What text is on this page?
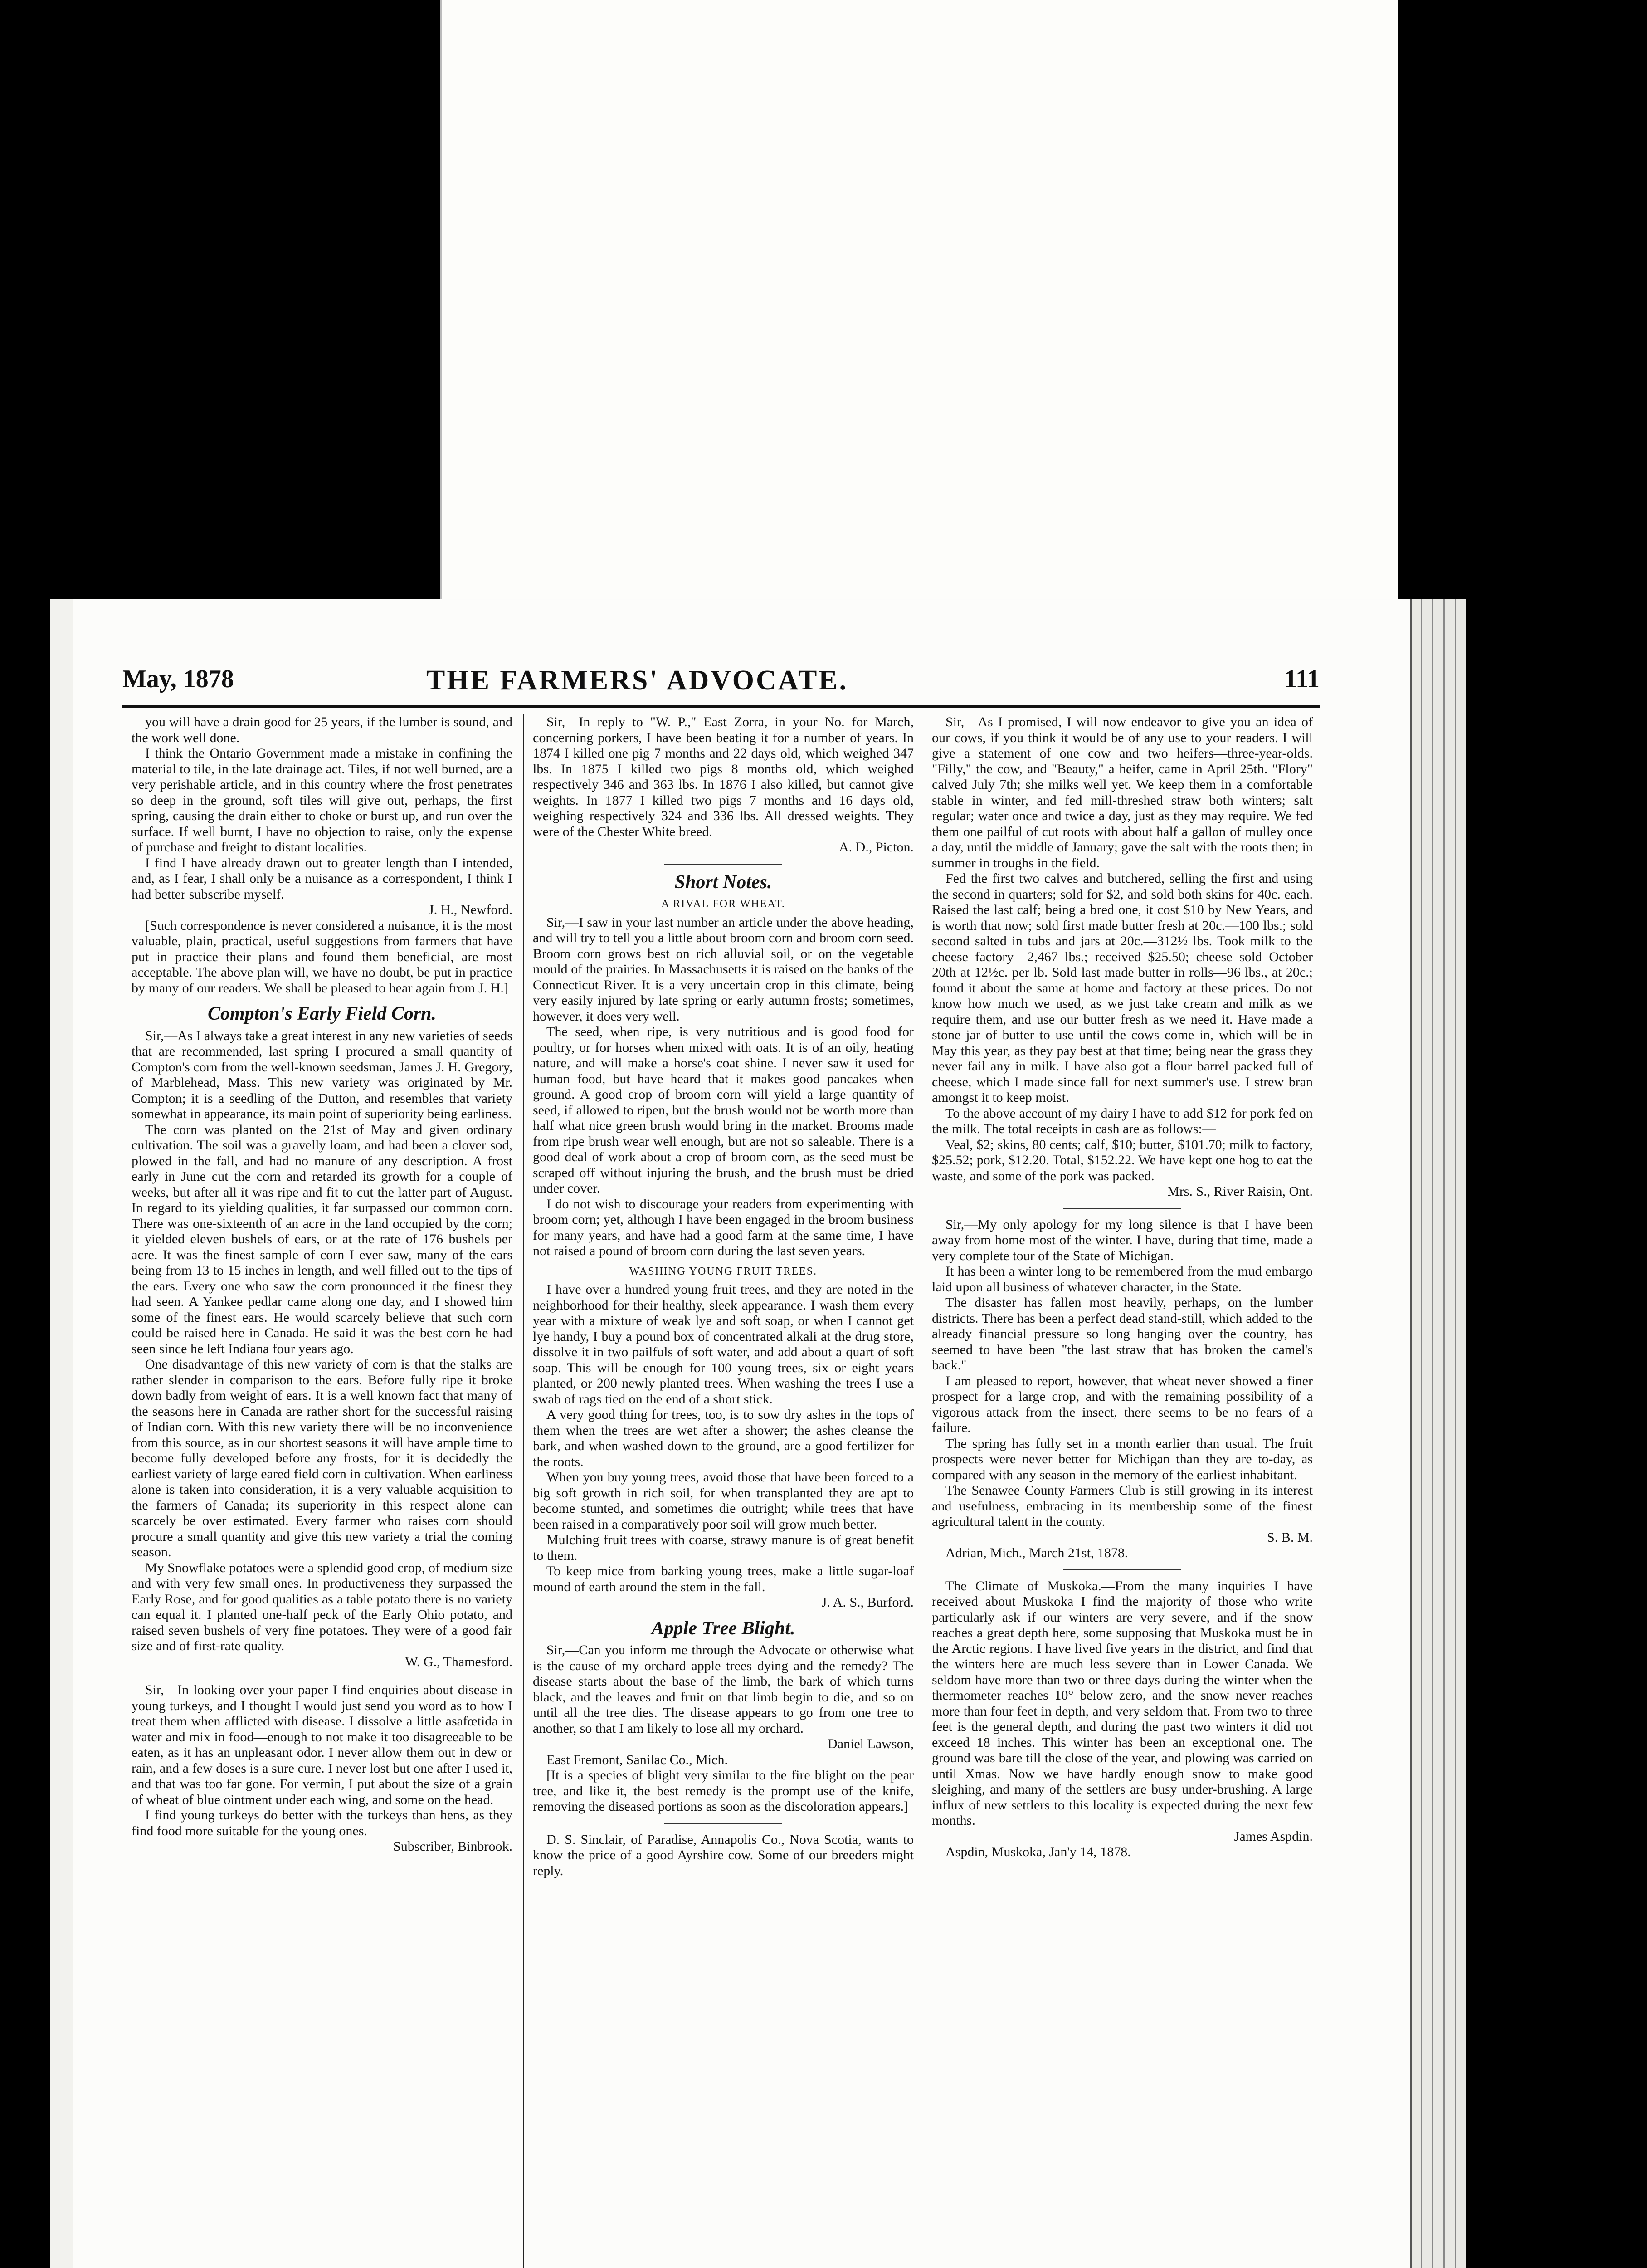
May, 1878	THE FARMERS' ADVOCATE.	111

you will have a drain good for 25 years, if the lumber is sound, and the work well done.

I think the Ontario Government made a mistake in confining the material to tile, in the late drainage act. Tiles, if not well burned, are a very perishable article, and in this country where the frost penetrates so deep in the ground, soft tiles will give out, perhaps, the first spring, causing the drain either to choke or burst up, and run over the surface. If well burnt, I have no objection to raise, only the expense of purchase and freight to distant localities.

I find I have already drawn out to greater length than I intended, and, as I fear, I shall only be a nuisance as a correspondent, I think I had better subscribe myself.

J. H., Newford.

[Such correspondence is never considered a nuisance, it is the most valuable, plain, practical, useful suggestions from farmers that have put in practice their plans and found them beneficial, are most acceptable. The above plan will, we have no doubt, be put in practice by many of our readers. We shall be pleased to hear again from J. H.]

Compton's Early Field Corn.

Sir,—As I always take a great interest in any new varieties of seeds that are recommended, last spring I procured a small quantity of Compton's corn from the well-known seedsman, James J. H. Gregory, of Marblehead, Mass. This new variety was originated by Mr. Compton; it is a seedling of the Dutton, and resembles that variety somewhat in appearance, its main point of superiority being earliness.

The corn was planted on the 21st of May and given ordinary cultivation. The soil was a gravelly loam, and had been a clover sod, plowed in the fall, and had no manure of any description. A frost early in June cut the corn and retarded its growth for a couple of weeks, but after all it was ripe and fit to cut the latter part of August. In regard to its yielding qualities, it far surpassed our common corn. There was one-sixteenth of an acre in the land occupied by the corn; it yielded eleven bushels of ears, or at the rate of 176 bushels per acre. It was the finest sample of corn I ever saw, many of the ears being from 13 to 15 inches in length, and well filled out to the tips of the ears. Every one who saw the corn pronounced it the finest they had seen. A Yankee pedlar came along one day, and I showed him some of the finest ears. He would scarcely believe that such corn could be raised here in Canada. He said it was the best corn he had seen since he left Indiana four years ago.

One disadvantage of this new variety of corn is that the stalks are rather slender in comparison to the ears. Before fully ripe it broke down badly from weight of ears. It is a well known fact that many of the seasons here in Canada are rather short for the successful raising of Indian corn. With this new variety there will be no inconvenience from this source, as in our shortest seasons it will have ample time to become fully developed before any frosts, for it is decidedly the earliest variety of large eared field corn in cultivation. When earliness alone is taken into consideration, it is a very valuable acquisition to the farmers of Canada; its superiority in this respect alone can scarcely be over estimated. Every farmer who raises corn should procure a small quantity and give this new variety a trial the coming season.

My Snowflake potatoes were a splendid good crop, of medium size and with very few small ones. In productiveness they surpassed the Early Rose, and for good qualities as a table potato there is no variety can equal it. I planted one-half peck of the Early Ohio potato, and raised seven bushels of very fine potatoes. They were of a good fair size and of first-rate quality.

W. G., Thamesford.

Sir,—In looking over your paper I find enquiries about disease in young turkeys, and I thought I would just send you word as to how I treat them when afflicted with disease. I dissolve a little asafœtida in water and mix in food—enough to not make it too disagreeable to be eaten, as it has an unpleasant odor. I never allow them out in dew or rain, and a few doses is a sure cure. I never lost but one after I used it, and that was too far gone. For vermin, I put about the size of a grain of wheat of blue ointment under each wing, and some on the head.

I find young turkeys do better with the turkeys than hens, as they find food more suitable for the young ones.

Subscriber, Binbrook.

Sir,—In reply to "W. P.," East Zorra, in your No. for March, concerning porkers, I have been beating it for a number of years. In 1874 I killed one pig 7 months and 22 days old, which weighed 347 lbs. In 1875 I killed two pigs 8 months old, which weighed respectively 346 and 363 lbs. In 1876 I also killed, but cannot give weights. In 1877 I killed two pigs 7 months and 16 days old, weighing respectively 324 and 336 lbs. All dressed weights. They were of the Chester White breed.

A. D., Picton.

Short Notes.
A RIVAL FOR WHEAT.

Sir,—I saw in your last number an article under the above heading, and will try to tell you a little about broom corn and broom corn seed. Broom corn grows best on rich alluvial soil, or on the vegetable mould of the prairies. In Massachusetts it is raised on the banks of the Connecticut River. It is a very uncertain crop in this climate, being very easily injured by late spring or early autumn frosts; sometimes, however, it does very well.

The seed, when ripe, is very nutritious and is good food for poultry, or for horses when mixed with oats. It is of an oily, heating nature, and will make a horse's coat shine. I never saw it used for human food, but have heard that it makes good pancakes when ground. A good crop of broom corn will yield a large quantity of seed, if allowed to ripen, but the brush would not be worth more than half what nice green brush would bring in the market. Brooms made from ripe brush wear well enough, but are not so saleable. There is a good deal of work about a crop of broom corn, as the seed must be scraped off without injuring the brush, and the brush must be dried under cover.

I do not wish to discourage your readers from experimenting with broom corn; yet, although I have been engaged in the broom business for many years, and have had a good farm at the same time, I have not raised a pound of broom corn during the last seven years.

WASHING YOUNG FRUIT TREES.

I have over a hundred young fruit trees, and they are noted in the neighborhood for their healthy, sleek appearance. I wash them every year with a mixture of weak lye and soft soap, or when I cannot get lye handy, I buy a pound box of concentrated alkali at the drug store, dissolve it in two pailfuls of soft water, and add about a quart of soft soap. This will be enough for 100 young trees, six or eight years planted, or 200 newly planted trees. When washing the trees I use a swab of rags tied on the end of a short stick.

A very good thing for trees, too, is to sow dry ashes in the tops of them when the trees are wet after a shower; the ashes cleanse the bark, and when washed down to the ground, are a good fertilizer for the roots.

When you buy young trees, avoid those that have been forced to a big soft growth in rich soil, for when transplanted they are apt to become stunted, and sometimes die outright; while trees that have been raised in a comparatively poor soil will grow much better.

Mulching fruit trees with coarse, strawy manure is of great benefit to them.

To keep mice from barking young trees, make a little sugar-loaf mound of earth around the stem in the fall.

J. A. S., Burford.

Apple Tree Blight.

Sir,—Can you inform me through the Advocate or otherwise what is the cause of my orchard apple trees dying and the remedy? The disease starts about the base of the limb, the bark of which turns black, and the leaves and fruit on that limb begin to die, and so on until all the tree dies. The disease appears to go from one tree to another, so that I am likely to lose all my orchard.

Daniel Lawson,

East Fremont, Sanilac Co., Mich.

[It is a species of blight very similar to the fire blight on the pear tree, and like it, the best remedy is the prompt use of the knife, removing the diseased portions as soon as the discoloration appears.]

D. S. Sinclair, of Paradise, Annapolis Co., Nova Scotia, wants to know the price of a good Ayrshire cow. Some of our breeders might reply.

Sir,—As I promised, I will now endeavor to give you an idea of our cows, if you think it would be of any use to your readers. I will give a statement of one cow and two heifers—three-year-olds. "Filly," the cow, and "Beauty," a heifer, came in April 25th. "Flory" calved July 7th; she milks well yet. We keep them in a comfortable stable in winter, and fed mill-threshed straw both winters; salt regular; water once and twice a day, just as they may require. We fed them one pailful of cut roots with about half a gallon of mulley once a day, until the middle of January; gave the salt with the roots then; in summer in troughs in the field.

Fed the first two calves and butchered, selling the first and using the second in quarters; sold for $2, and sold both skins for 40c. each. Raised the last calf; being a bred one, it cost $10 by New Years, and is worth that now; sold first made butter fresh at 20c.—100 lbs.; sold second salted in tubs and jars at 20c.—312½ lbs. Took milk to the cheese factory—2,467 lbs.; received $25.50; cheese sold October 20th at 12½c. per lb. Sold last made butter in rolls—96 lbs., at 20c.; found it about the same at home and factory at these prices. Do not know how much we used, as we just take cream and milk as we require them, and use our butter fresh as we need it. Have made a stone jar of butter to use until the cows come in, which will be in May this year, as they pay best at that time; being near the grass they never fail any in milk. I have also got a flour barrel packed full of cheese, which I made since fall for next summer's use. I strew bran amongst it to keep moist.

To the above account of my dairy I have to add $12 for pork fed on the milk. The total receipts in cash are as follows:—

Veal, $2; skins, 80 cents; calf, $10; butter, $101.70; milk to factory, $25.52; pork, $12.20. Total, $152.22. We have kept one hog to eat the waste, and some of the pork was packed.

Mrs. S., River Raisin, Ont.

Sir,—My only apology for my long silence is that I have been away from home most of the winter. I have, during that time, made a very complete tour of the State of Michigan.

It has been a winter long to be remembered from the mud embargo laid upon all business of whatever character, in the State.

The disaster has fallen most heavily, perhaps, on the lumber districts. There has been a perfect dead stand-still, which added to the already financial pressure so long hanging over the country, has seemed to have been "the last straw that has broken the camel's back."

I am pleased to report, however, that wheat never showed a finer prospect for a large crop, and with the remaining possibility of a vigorous attack from the insect, there seems to be no fears of a failure.

The spring has fully set in a month earlier than usual. The fruit prospects were never better for Michigan than they are to-day, as compared with any season in the memory of the earliest inhabitant.

The Senawee County Farmers Club is still growing in its interest and usefulness, embracing in its membership some of the finest agricultural talent in the county.

S. B. M.

Adrian, Mich., March 21st, 1878.

The Climate of Muskoka.—From the many inquiries I have received about Muskoka I find the majority of those who write particularly ask if our winters are very severe, and if the snow reaches a great depth here, some supposing that Muskoka must be in the Arctic regions. I have lived five years in the district, and find that the winters here are much less severe than in Lower Canada. We seldom have more than two or three days during the winter when the thermometer reaches 10° below zero, and the snow never reaches more than four feet in depth, and very seldom that. From two to three feet is the general depth, and during the past two winters it did not exceed 18 inches. This winter has been an exceptional one. The ground was bare till the close of the year, and plowing was carried on until Xmas. Now we have hardly enough snow to make good sleighing, and many of the settlers are busy under-brushing. A large influx of new settlers to this locality is expected during the next few months.

James Aspdin.

Aspdin, Muskoka, Jan'y 14, 1878.
